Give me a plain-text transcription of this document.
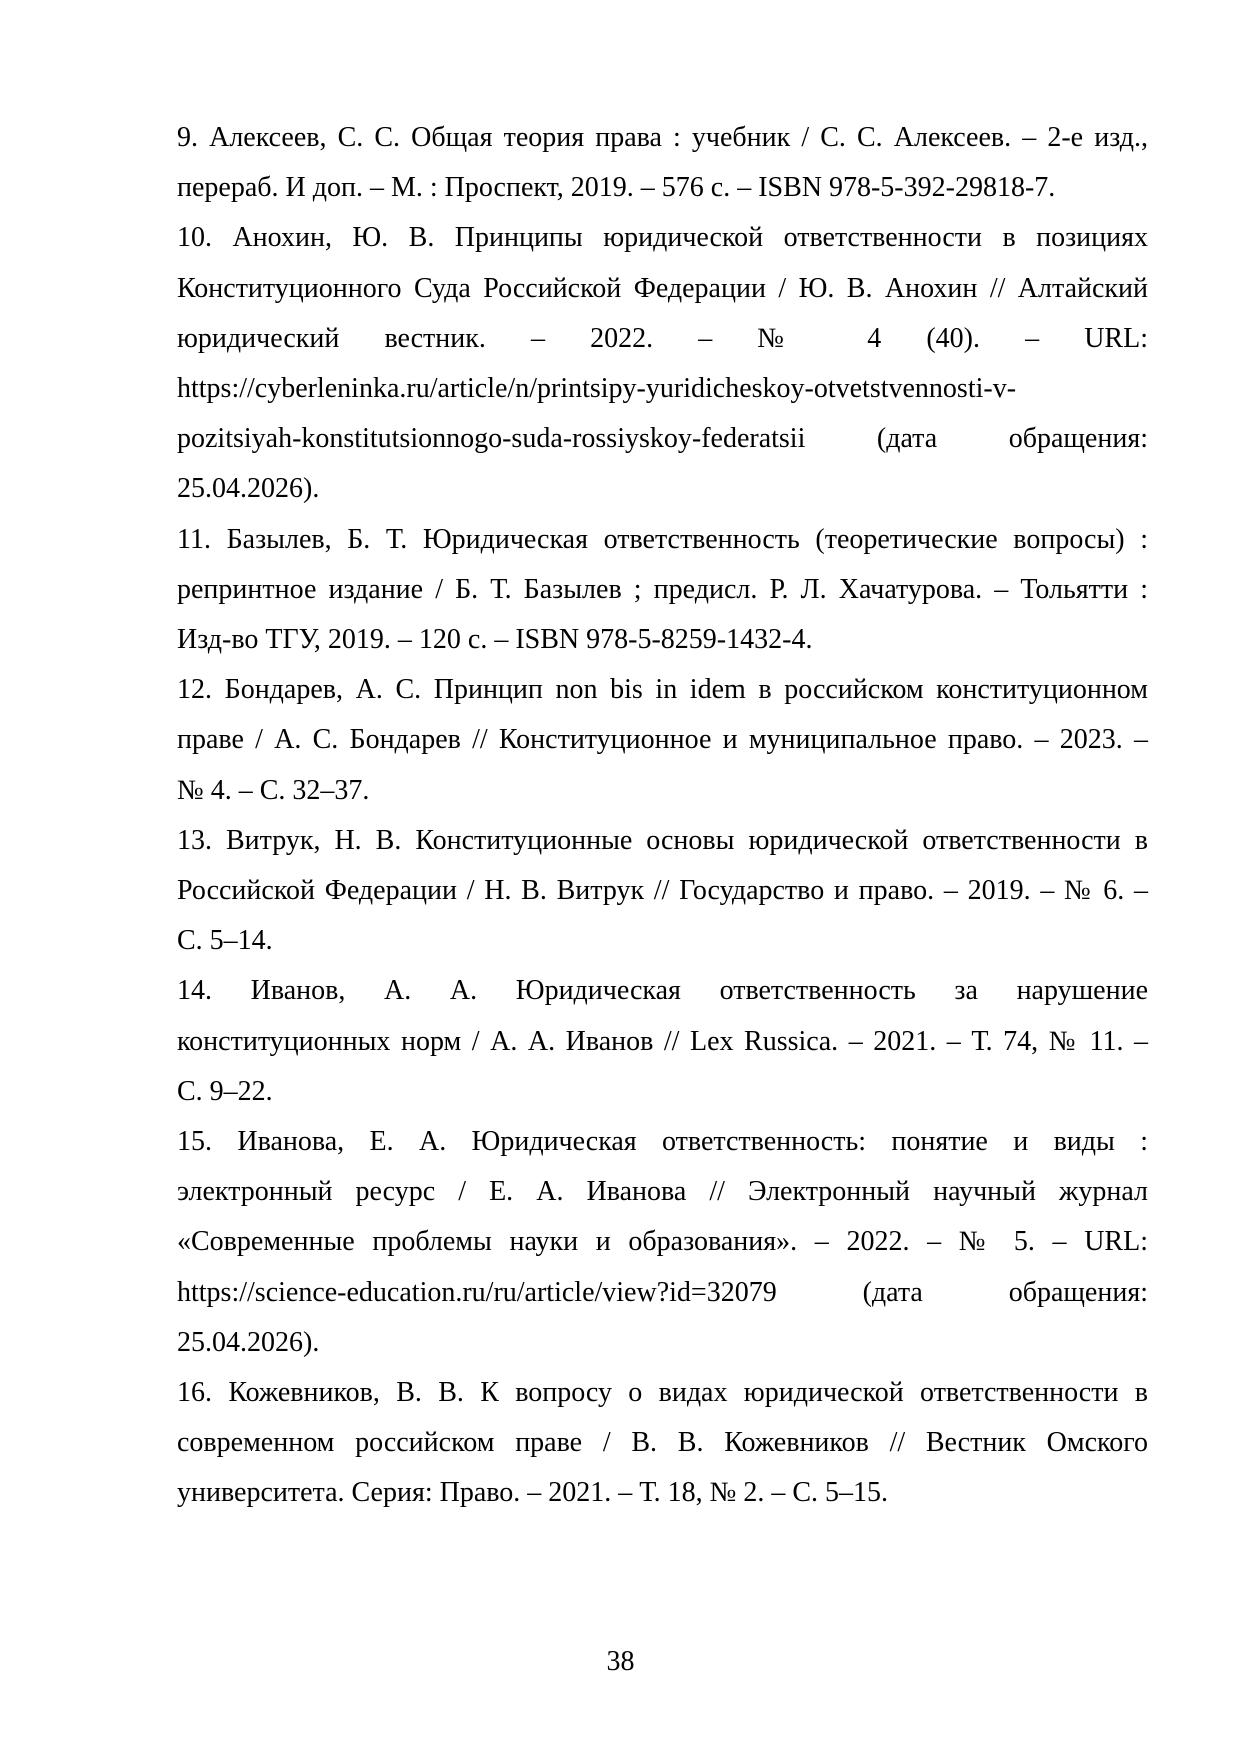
9. Алексеев, С. С. Общая теория права : учебник / С. С. Алексеев. – 2-е изд.,
перераб. И доп. – М. : Проспект, 2019. – 576 с. – ISBN 978-5-392-29818-7.

10. Анохин, Ю. В. Принципы юридической ответственности в позициях
Конституционного Суда Российской Федерации / Ю. В. Анохин // Алтайский
юридический вестник. – 2022. – № 4 (40). – URL:
https://cyberleninka.ru/article/n/printsipy-yuridicheskoy-otvetstvennosti-v-
pozitsiyah-konstitutsionnogo-suda-rossiyskoy-federatsii (дата обращения:
25.04.2026).

11. Базылев, Б. Т. Юридическая ответственность (теоретические вопросы) :
репринтное издание / Б. Т. Базылев ; предисл. Р. Л. Хачатурова. – Тольятти :
Изд-во ТГУ, 2019. – 120 с. – ISBN 978-5-8259-1432-4.

12. Бондарев, А. С. Принцип non bis in idem в российском конституционном
праве / А. С. Бондарев // Конституционное и муниципальное право. – 2023. –
№ 4. – С. 32–37.

13. Витрук, Н. В. Конституционные основы юридической ответственности в
Российской Федерации / Н. В. Витрук // Государство и право. – 2019. – № 6. –
С. 5–14.

14. Иванов, А. А. Юридическая ответственность за нарушение
конституционных норм / А. А. Иванов // Lex Russica. – 2021. – Т. 74, № 11. –
С. 9–22.

15. Иванова, Е. А. Юридическая ответственность: понятие и виды :
электронный ресурс / Е. А. Иванова // Электронный научный журнал
«Современные проблемы науки и образования». – 2022. – № 5. – URL:
https://science-education.ru/ru/article/view?id=32079 (дата обращения:
25.04.2026).

16. Кожевников, В. В. К вопросу о видах юридической ответственности в
современном российском праве / В. В. Кожевников // Вестник Омского
университета. Серия: Право. – 2021. – Т. 18, № 2. – С. 5–15.

38
